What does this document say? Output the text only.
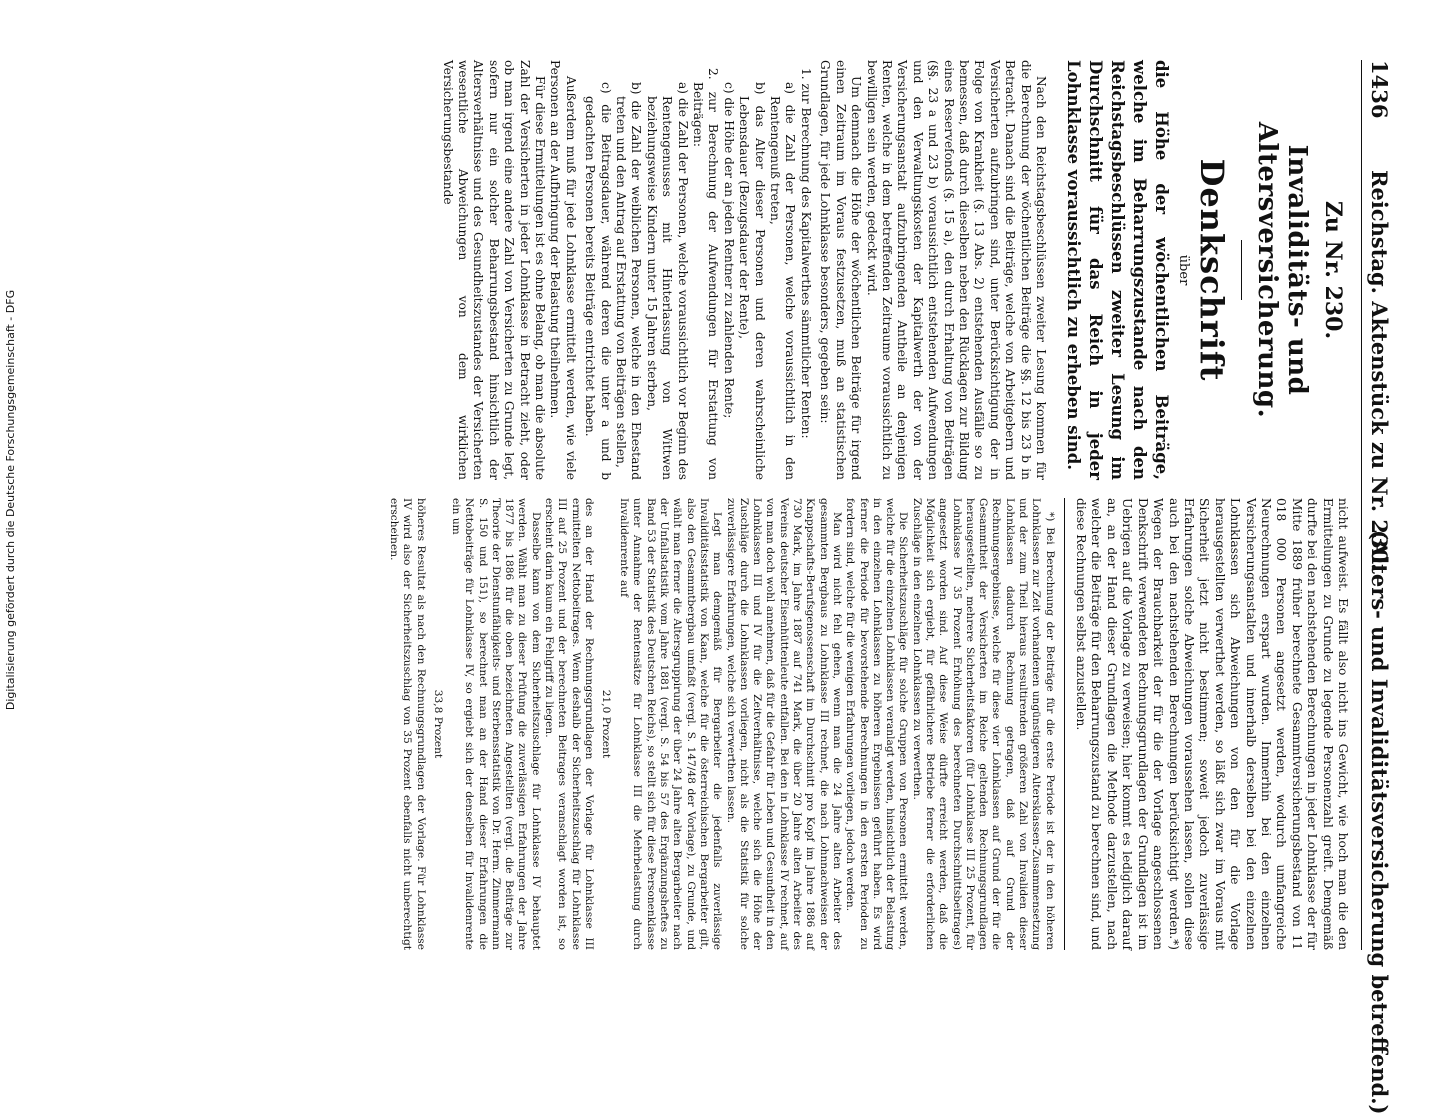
1436
Reichstag. Aktenstück zu Nr. 230.
(Alters- und Invaliditätsversicherung betreffend.)
Zu Nr. 230.
Invaliditäts- und Altersversicherung.
Denkschrift
über
die Höhe der wöchentlichen Beiträge, welche im Beharrungszustande nach den Reichstagsbeschlüssen zweiter Lesung im Durchschnitt für das Reich in jeder Lohnklasse voraussichtlich zu erheben sind.

Nach den Reichstagsbeschlüssen zweiter Lesung kommen für die Berechnung der wöchentlichen Beiträge die §§. 12 bis 23 b in Betracht. Danach sind die Beiträge, welche von Arbeitgebern und Versicherten aufzubringen sind, unter Berücksichtigung der in Folge von Krankheit (§. 13 Abs. 2) entstehenden Ausfälle so zu bemessen, daß durch dieselben neben den Rücklagen zur Bildung eines Reservefonds (§. 15 a), den durch Erhaltung von Beiträgen (§§. 23 a und 23 b) voraussichtlich entstehenden Aufwendungen und den Verwaltungskosten der Kapitalwerth der von der Versicherungsanstalt aufzubringenden Antheile an denjenigen Renten, welche in dem betreffenden Zeitraume voraussichtlich zu bewilligen sein werden, gedeckt wird.

Um demnach die Höhe der wöchentlichen Beiträge für irgend einen Zeitraum im Voraus festzusetzen, muß an statistischen Grundlagen, für jede Lohnklasse besonders, gegeben sein:

1. zur Berechnung des Kapitalwerthes sämmtlicher Renten:
a) die Zahl der Personen, welche voraussichtlich in den Rentengenuß treten,
b) das Alter dieser Personen und deren wahrscheinliche Lebensdauer (Bezugsdauer der Rente),
c) die Höhe der an jeden Rentner zu zahlenden Rente;
2. zur Berechnung der Aufwendungen für Erstattung von Beiträgen:
a) die Zahl der Personen, welche voraussichtlich vor Beginn des Rentengenusses mit Hinterlassung von Wittwen beziehungsweise Kindern unter 15 Jahren sterben,
b) die Zahl der weiblichen Personen, welche in den Ehestand treten und den Antrag auf Erstattung von Beiträgen stellen,
c) die Beitragsdauer, während deren die unter a und b gedachten Personen bereits Beiträge entrichtet haben.

Außerdem muß für jede Lohnklasse ermittelt werden, wie viele Personen an der Aufbringung der Belastung theilnehmen.

Für diese Ermittelungen ist es ohne Belang, ob man die absolute Zahl der Versicherten in jeder Lohnklasse in Betracht zieht, oder ob man irgend eine andere Zahl von Versicherten zu Grunde legt, sofern nur ein solcher Beharrungsbestand hinsichtlich der Altersverhältnisse und des Gesundheitszustandes der Versicherten wesentliche Abweichungen von dem wirklichen Versicherungsbestande

nicht aufweist. Es fällt also nicht ins Gewicht, wie hoch man die den Ermittelungen zu Grunde zu legende Personenzahl greift. Demgemäß durfte bei den nachstehenden Berechnungen in jeder Lohnklasse der für Mitte 1889 früher berechnete Gesammtversicherungsbestand von 11 018 000 Personen angesetzt werden, wodurch umfangreiche Neurechnungen erspart wurden. Immerhin bei den einzelnen Versicherungsanstalten und innerhalb derselben bei den einzelnen Lohnklassen sich Abweichungen von den für die Vorlage herausgestellten verwerthet werden, so läßt sich zwar im Voraus mit Sicherheit jetzt nicht bestimmen; soweit jedoch zuverlässige Erfahrungen solche Abweichungen voraussehen lassen, sollen diese auch bei den nachstehenden Berechnungen berücksichtigt werden.*) Wegen der Brauchbarkeit der für die der Vorlage angeschlossenen Denkschrift verwendeten Rechnungsgrundlagen der Grundlagen ist im Uebrigen auf die Vorlage zu verweisen; hier kommt es lediglich darauf an, an der Hand dieser Grundlagen die Methode darzustellen, nach welcher die Beiträge für den Beharrungszustand zu berechnen sind, und diese Rechnungen selbst anzustellen.

*) Bei Berechnung der Beiträge für die erste Periode ist der in den höheren Lohnklassen zur Zeit vorhandenen ungünstigeren Altersklassen-Zusammensetzung und der zum Theil hieraus resultirenden größeren Zahl von Invaliden dieser Lohnklassen dadurch Rechnung getragen, daß auf Grund der Rechnungsergebnisse, welche für diese vier Lohnklassen auf Grund der für die Gesammtheit der Versicherten im Reiche geltenden Rechnungsgrundlagen herausgestellten, mehrere Sicherheitsfaktoren (für Lohnklasse III 25 Prozent, für Lohnklasse IV 35 Prozent Erhöhung des berechneten Durchschnittsbeitrages) angesetzt worden sind. Auf diese Weise dürfte erreicht werden, daß die Möglichkeit sich ergiebt, für gefährlichere Betriebe ferner die erforderlichen Zuschläge in den einzelnen Lohnklassen zu verwerthen.

Die Sicherheitszuschläge für solche Gruppen von Personen ermittelt werden, welche für die einzelnen Lohnklassen veranlagt werden, hinsichtlich der Belastung in den einzelnen Lohnklassen zu höheren Ergebnissen geführt haben. Es wird ferner die Periode für bevorstehende Berechnungen in den ersten Perioden zu fordern sind, welche für die wenigen Erfahrungen vorliegen, jedoch werden.

Man wird nicht fehl gehen, wenn man die 24 Jahre alten Arbeiter des gesammten Bergbaus zu Lohnklasse III rechnet, die nach Lohnnachweisen der Knappschafts-Berufsgenossenschaft im Durchschnitt pro Kopf im Jahre 1886 auf 730 Mark, im Jahre 1887 auf 741 Mark, die über 20 Jahre alten Arbeiter des Vereins deutscher Eisenhüttenleute entfallen. Bei den in Lohnklasse IV rechnet, auf von man doch wohl annehmen, daß für die Gefahr für Leben und Gesundheit in den Lohnklassen III und IV für die Zeitverhältnisse, welche sich die Höhe der Zuschläge durch die Lohnklassen vorliegen, nicht als die Statistik für solche zuverlässigere Erfahrungen, welche sich verwerthen lassen.

Legt man demgemäß für Bergarbeiter die jedenfalls zuverlässige Invaliditätsstatistik von Kaan, welche für die österreichischen Bergarbeiter gilt, also den Gesammtbergbau umfaßt (vergl. S. 147/48 der Vorlage), zu Grunde, und wählt man ferner die Altersgruppirung der über 24 Jahre alten Bergarbeiter nach der Unfallstatistik vom Jahre 1881 (vergl. S. 54 bis 57 des Ergänzungsheftes zu Band 53 der Statistik des Deutschen Reichs), so stellt sich für diese Personenklasse unter Annahme der Rentensätze für Lohnklasse III die Mehrbelastung durch Invalidenrente auf

21,0 Prozent

des an der Hand der Rechnungsgrundlagen der Vorlage für Lohnklasse III ermittelten Nettobeitrages. Wenn deshalb der Sicherheitszuschlag für Lohnklasse III auf 25 Prozent und der berechneten Beitrages veranschlagt worden ist, so erscheint darin kaum ein Fehlgriff zu liegen.

Dasselbe kann von dem Sicherheitszuschlage für Lohnklasse IV behauptet werden. Wählt man zu dieser Prüfung die zuverlässigen Erfahrungen der Jahre 1877 bis 1886 für die oben bezeichneten Angestellten (vergl. die Beiträge zur Theorie der Dienstunfähigkeits- und Sterbensstatistik von Dr. Herm. Zimmermann S. 150 und 151), so berechnet man an der Hand dieser Erfahrungen die Nettobeiträge für Lohnklasse IV, so ergiebt sich der denselben für Invalidenrente ein um

33,8 Prozent

höheres Resultat als nach den Rechnungsgrundlagen der Vorlage. Für Lohnklasse IV wird also der Sicherheitszuschlag von 35 Prozent ebenfalls nicht unberechtigt erscheinen.

Digitalisierung gefördert durch die Deutsche Forschungsgemeinschaft - DFG
